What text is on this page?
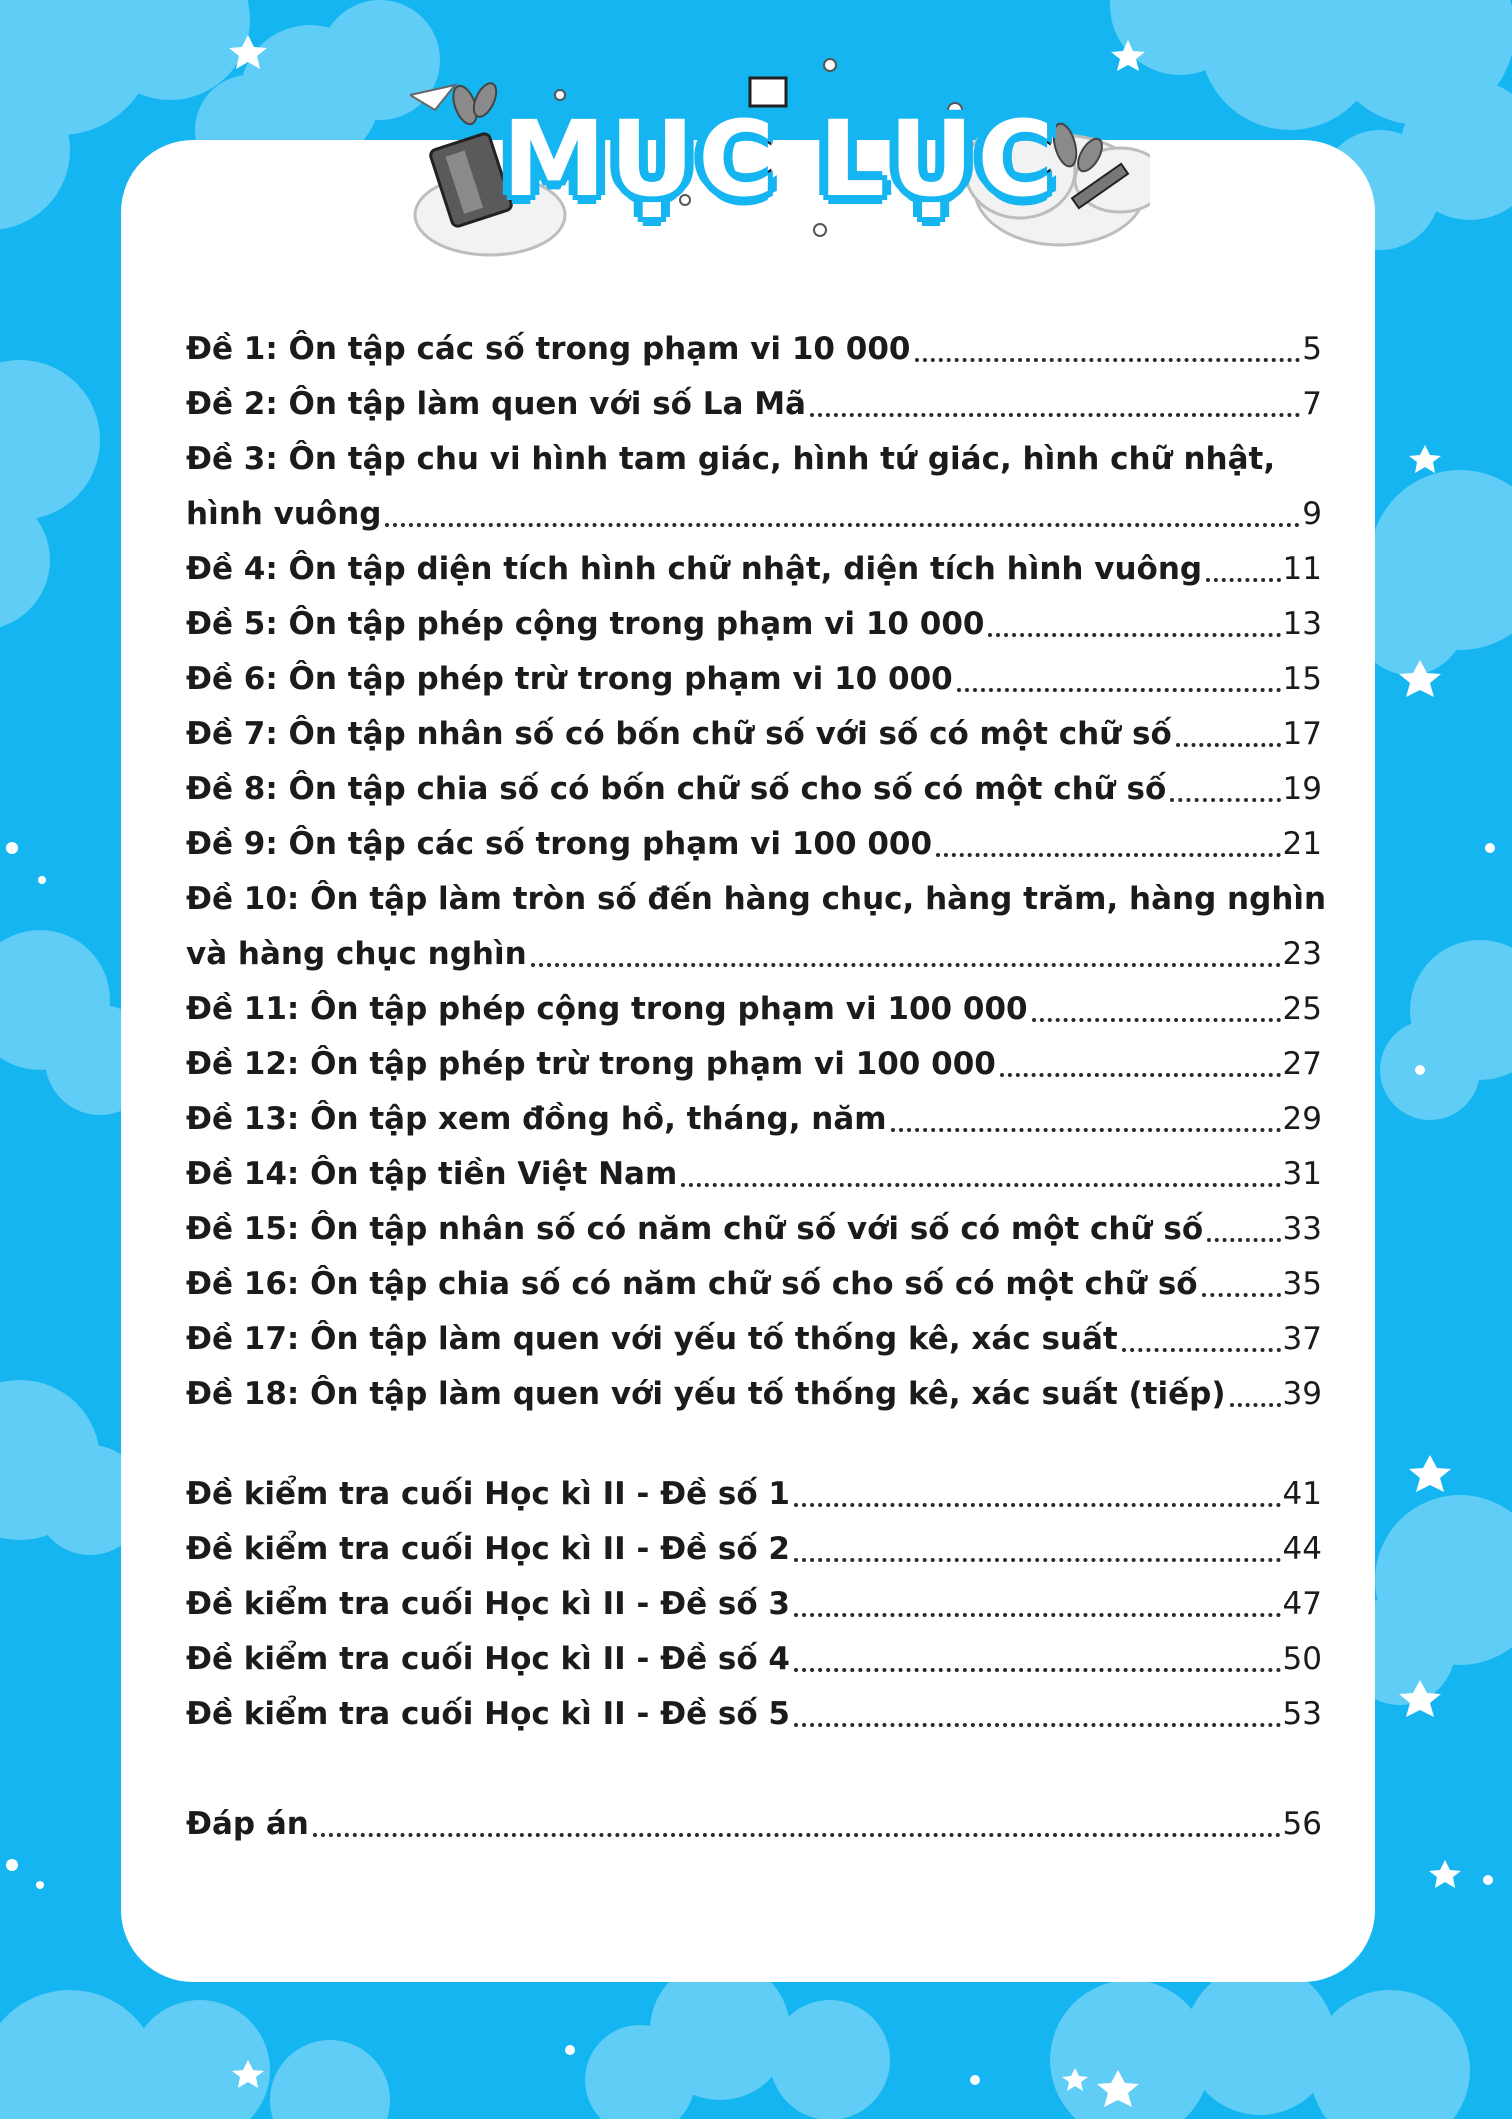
MỤC LỤC
Đề 1: Ôn tập các số trong phạm vi 10 000	5
Đề 2: Ôn tập làm quen với số La Mã	7
Đề 3: Ôn tập chu vi hình tam giác, hình tứ giác, hình chữ nhật,
hình vuông	9
Đề 4: Ôn tập diện tích hình chữ nhật, diện tích hình vuông	11
Đề 5: Ôn tập phép cộng trong phạm vi 10 000	13
Đề 6: Ôn tập phép trừ trong phạm vi 10 000	15
Đề 7: Ôn tập nhân số có bốn chữ số với số có một chữ số	17
Đề 8: Ôn tập chia số có bốn chữ số cho số có một chữ số	19
Đề 9: Ôn tập các số trong phạm vi 100 000	21
Đề 10: Ôn tập làm tròn số đến hàng chục, hàng trăm, hàng nghìn
và hàng chục nghìn	23
Đề 11: Ôn tập phép cộng trong phạm vi 100 000	25
Đề 12: Ôn tập phép trừ trong phạm vi 100 000	27
Đề 13: Ôn tập xem đồng hồ, tháng, năm	29
Đề 14: Ôn tập tiền Việt Nam	31
Đề 15: Ôn tập nhân số có năm chữ số với số có một chữ số	33
Đề 16: Ôn tập chia số có năm chữ số cho số có một chữ số	35
Đề 17: Ôn tập làm quen với yếu tố thống kê, xác suất	37
Đề 18: Ôn tập làm quen với yếu tố thống kê, xác suất (tiếp) 39
Đề kiểm tra cuối Học kì II - Đề số 1	41
Đề kiểm tra cuối Học kì II - Đề số 2	44
Đề kiểm tra cuối Học kì II - Đề số 3	47
Đề kiểm tra cuối Học kì II - Đề số 4	50
Đề kiểm tra cuối Học kì II - Đề số 5	53
Đáp án	56
